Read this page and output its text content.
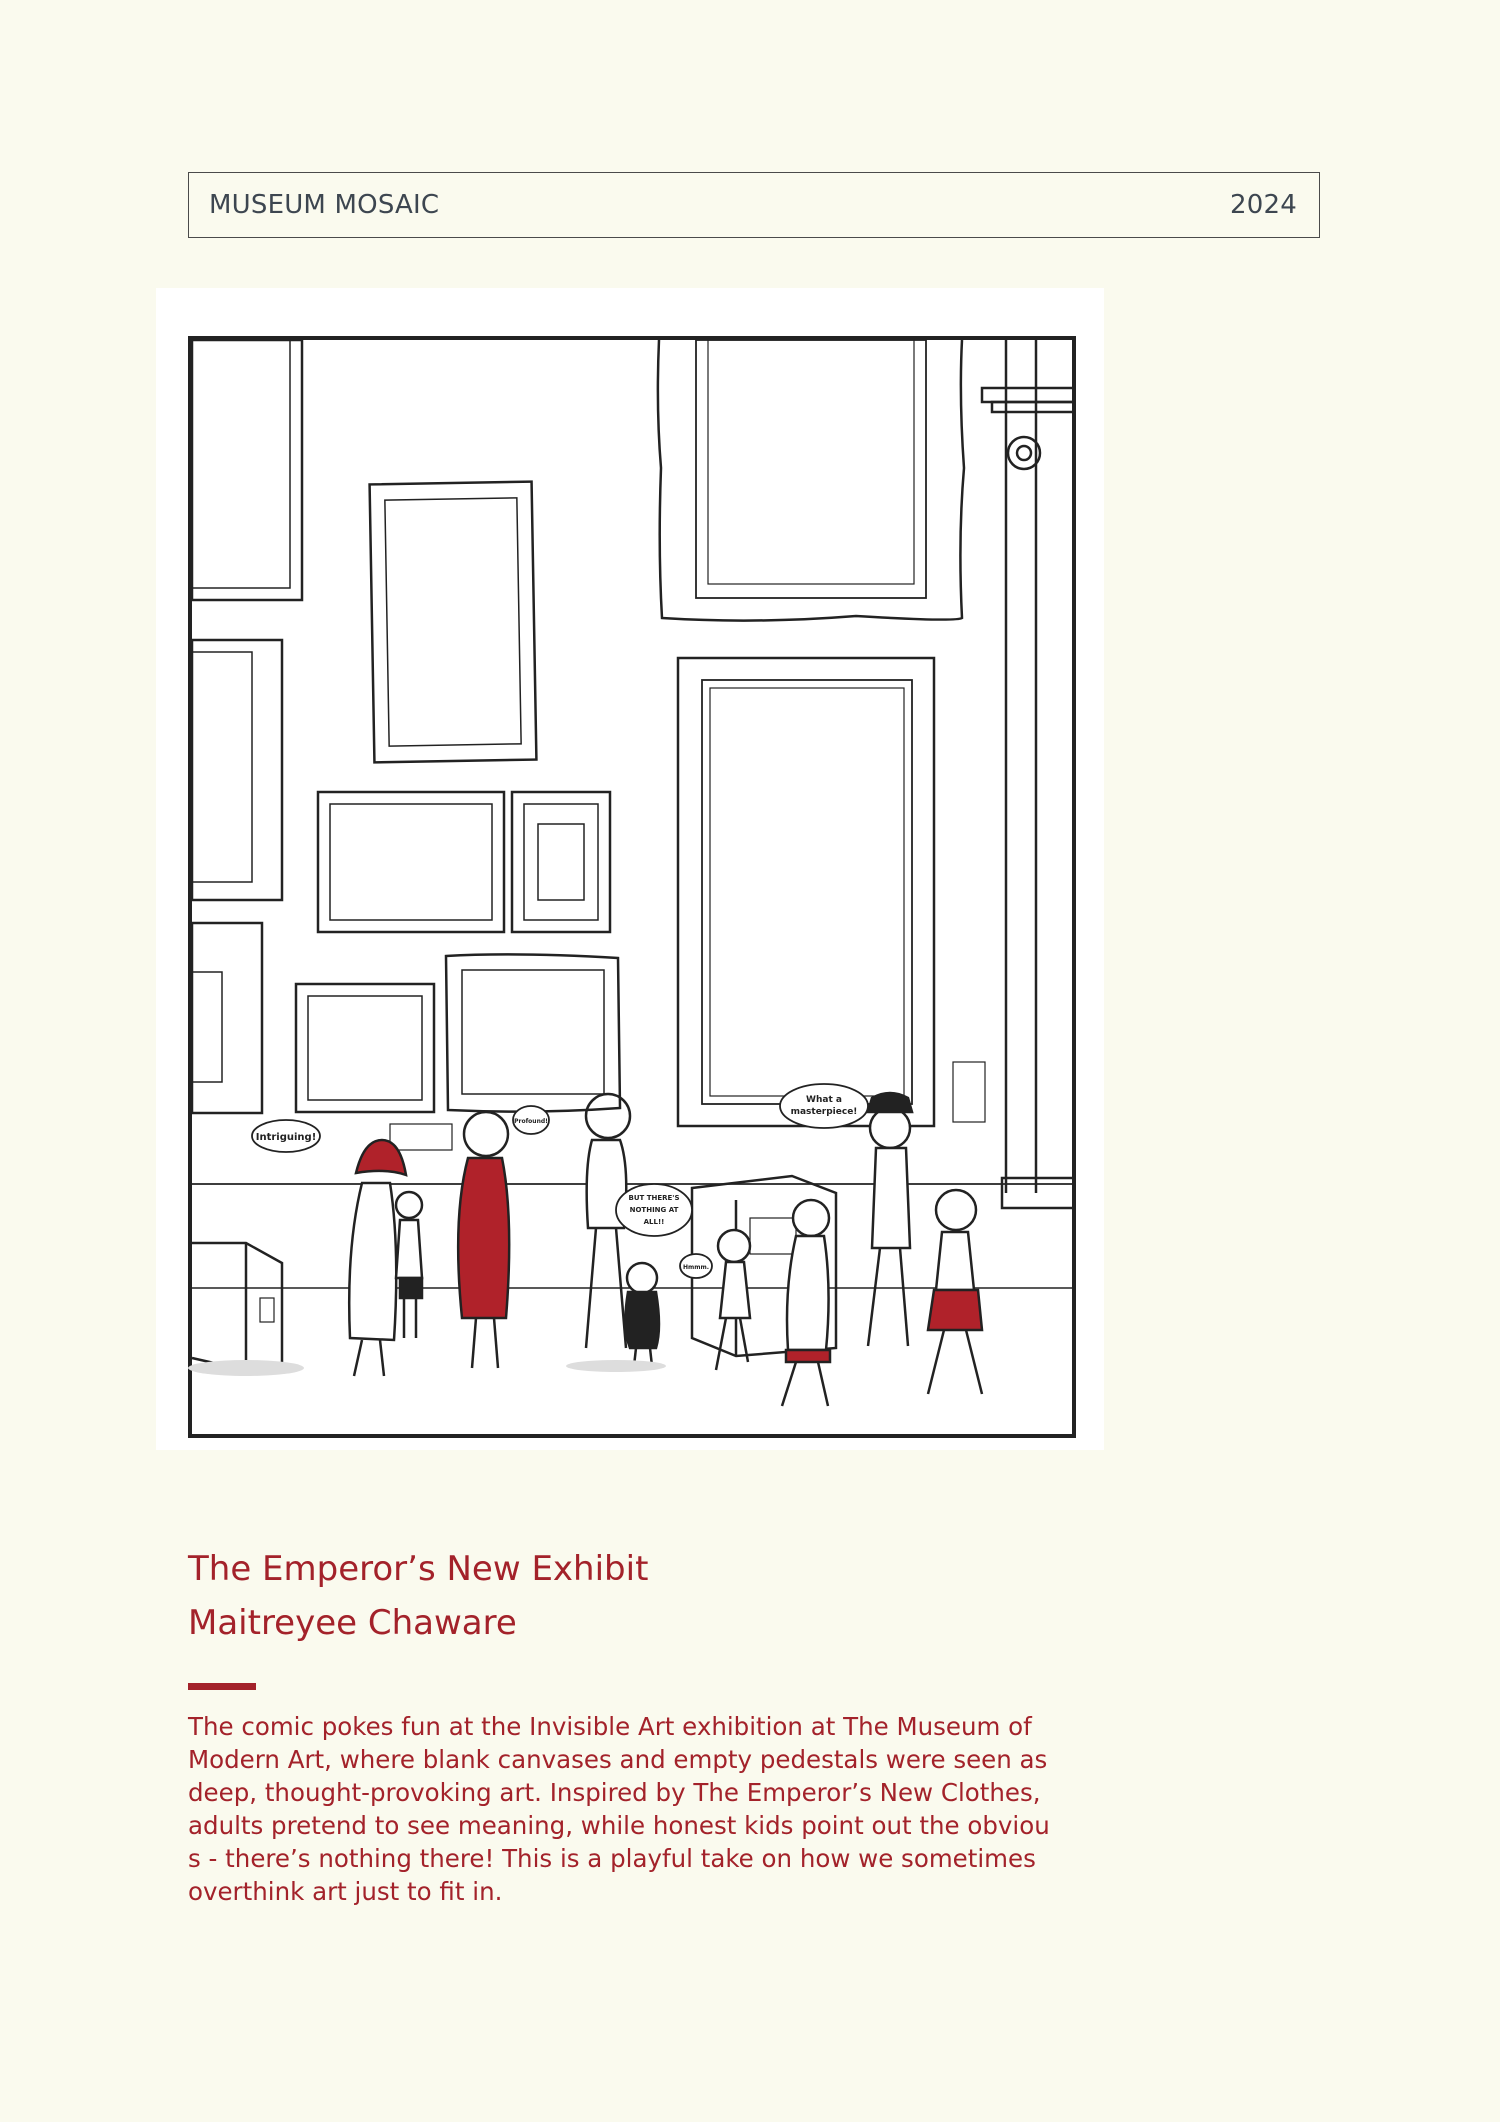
MUSEUM MOSAIC	2024
Intriguing!
Profound!
What a
masterpiece!
BUT THERE'S
NOTHING AT
ALL!!
Hmmm.
The Emperor’s New Exhibit
Maitreyee Chaware

The comic pokes fun at the Invisible Art exhibition at The Museum of Modern Art, where blank canvases and empty pedestals were seen as deep, thought-provoking art. Inspired by The Emperor’s New Clothes, adults pretend to see meaning, while honest kids point out the obvious - there’s nothing there! This is a playful take on how we sometimes overthink art just to fit in.
